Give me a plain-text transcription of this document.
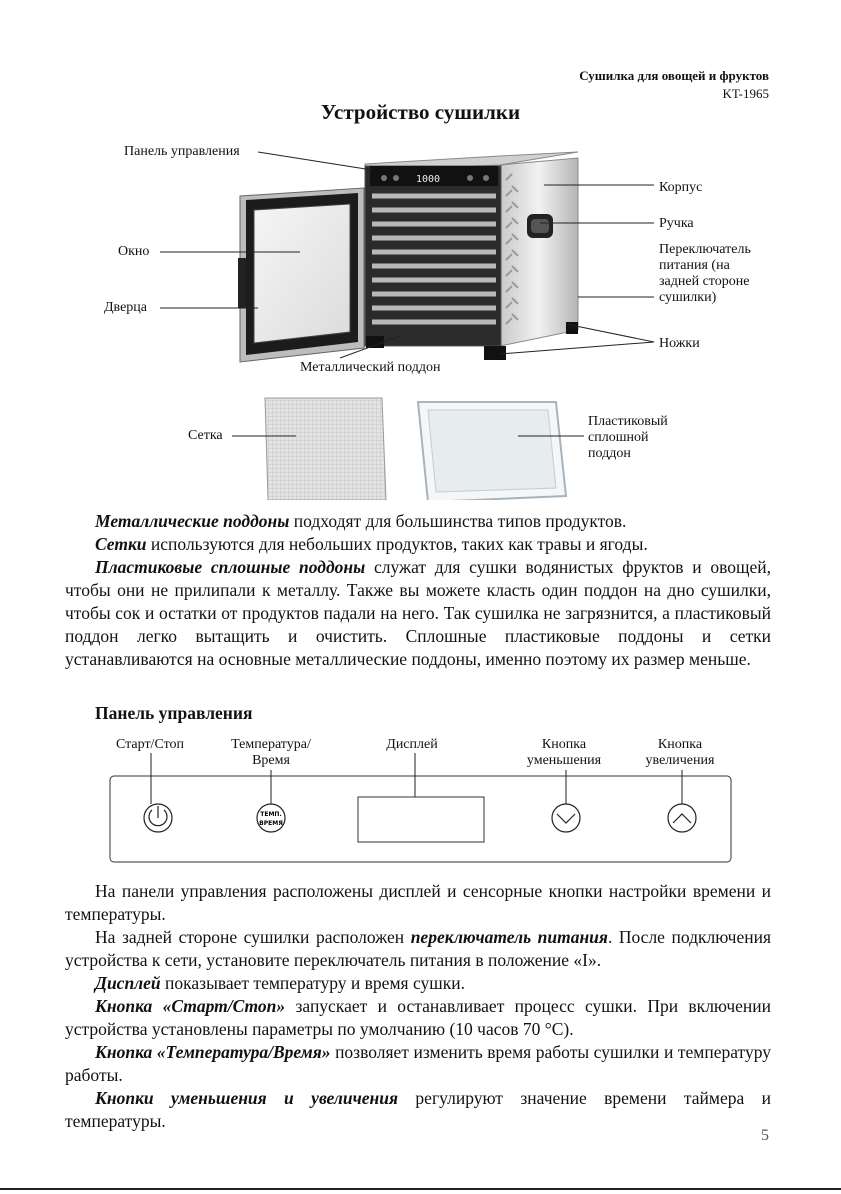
Сушилка для овощей и фруктов
KT-1965
Устройство сушилки
1000
Панель управления
Окно
Дверца
Металлический поддон
Корпус
Ручка
Переключатель
питания (на
задней стороне
сушилки)
Ножки
Сетка
Пластиковый
сплошной
поддон

Металлические поддоны подходят для большинства типов продуктов.

Сетки используются для небольших продуктов, таких как травы и ягоды.

Пластиковые сплошные поддоны служат для сушки водянистых фруктов и овощей, чтобы они не прилипали к металлу. Также вы можете класть один поддон на дно сушилки, чтобы сок и остатки от продуктов падали на него. Так сушилка не загрязнится, а пластиковый поддон легко вытащить и очистить. Сплошные пластиковые поддоны и сетки устанавливаются на основные металлические поддоны, именно поэтому их размер меньше.

Панель управления
Старт/Стоп	Температура/
Время
Дисплей	Кнопка
уменьшения
Кнопка
увеличения
ТЕМП.
ВРЕМЯ

На панели управления расположены дисплей и сенсорные кнопки настройки времени и температуры.

На задней стороне сушилки расположен переключатель питания. После подключения устройства к сети, установите переключатель питания в положение «I».

Дисплей показывает температуру и время сушки.

Кнопка «Старт/Стоп» запускает и останавливает процесс сушки. При включении устройства установлены параметры по умолчанию (10 часов 70 °С).

Кнопка «Температура/Время» позволяет изменить время работы сушилки и температуру работы.

Кнопки уменьшения и увеличения регулируют значение времени таймера и температуры.

5
